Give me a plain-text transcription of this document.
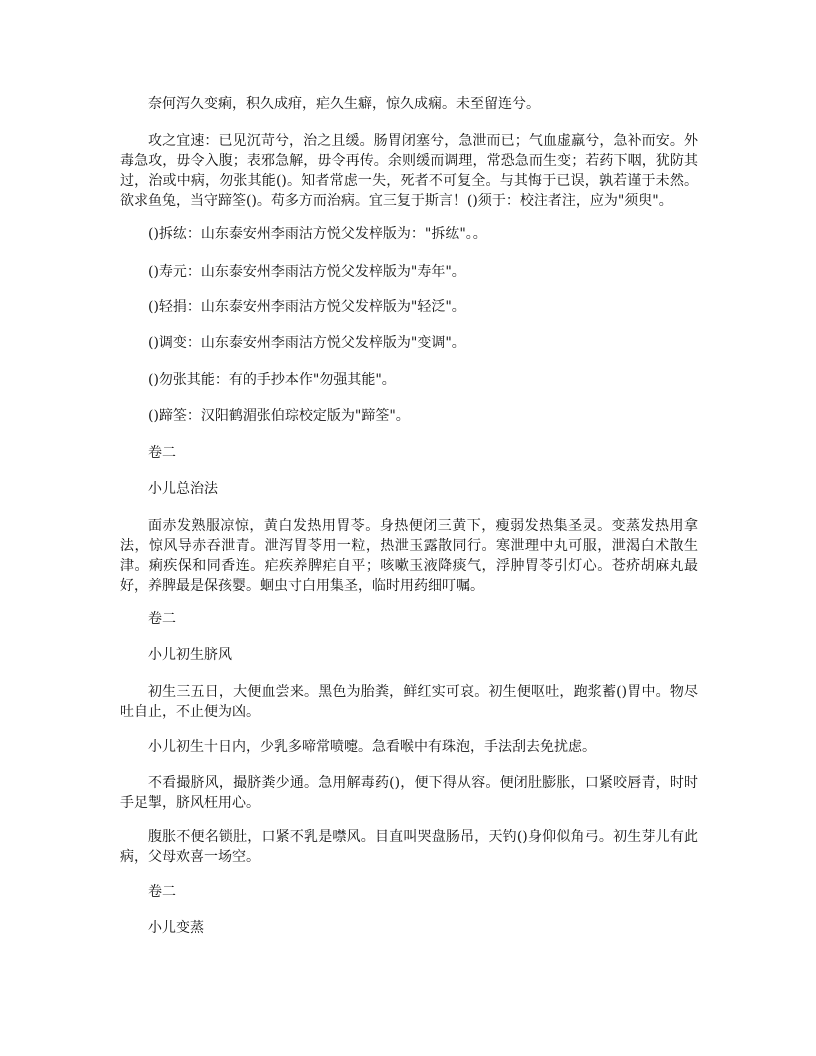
奈何泻久变痢，积久成疳，疟久生癖，惊久成痫。未至留连兮。

攻之宜速：已见沉苛兮，治之且缓。肠胃闭塞兮，急泄而已；气血虚羸兮，急补而安。外毒急攻，毋令入腹；表邪急解，毋令再传。余则缓而调理，常恐急而生变；若药下咽，犹防其过，治或中病，勿张其能()。知者常虑一失，死者不可复全。与其悔于已误，孰若谨于未然。欲求鱼兔，当守蹄筌()。苟多方而治病。宜三复于斯言！()须于：校注者注，应为"须臾"。

()拆纮：山东泰安州李雨沽方悦父发梓版为："拆纮"。。

()寿元：山东泰安州李雨沽方悦父发梓版为"寿年"。

()轻捐：山东泰安州李雨沽方悦父发梓版为"轻泛"。

()调变：山东泰安州李雨沽方悦父发梓版为"变调"。

()勿张其能：有的手抄本作"勿强其能"。

()蹄筌：汉阳鹤湄张伯琮校定版为"蹄筌"。

卷二

小儿总治法

面赤发熟服凉惊，黄白发热用胃苓。身热便闭三黄下，瘦弱发热集圣灵。变蒸发热用拿法，惊风导赤吞泄青。泄泻胃苓用一粒，热泄玉露散同行。寒泄理中丸可服，泄渴白术散生津。痢疾保和同香连。疟疾养脾疟自平；咳嗽玉液降痰气，浮肿胃苓引灯心。苍疥胡麻丸最好，养脾最是保孩婴。蛔虫寸白用集圣，临时用药细叮嘱。

卷二

小儿初生脐风

初生三五日，大便血尝来。黑色为胎粪，鲜红实可哀。初生便呕吐，跑浆蓄()胃中。物尽吐自止，不止便为凶。

小儿初生十日内，少乳多啼常喷嚏。急看喉中有珠泡，手法刮去免扰虑。

不看撮脐风，撮脐粪少通。急用解毒药()，便下得从容。便闭肚膨胀，口紧咬唇青，时时手足掣，脐风枉用心。

腹胀不便名锁肚，口紧不乳是噤风。目直叫哭盘肠吊，天钓()身仰似角弓。初生芽儿有此病，父母欢喜一场空。

卷二

小儿变蒸
